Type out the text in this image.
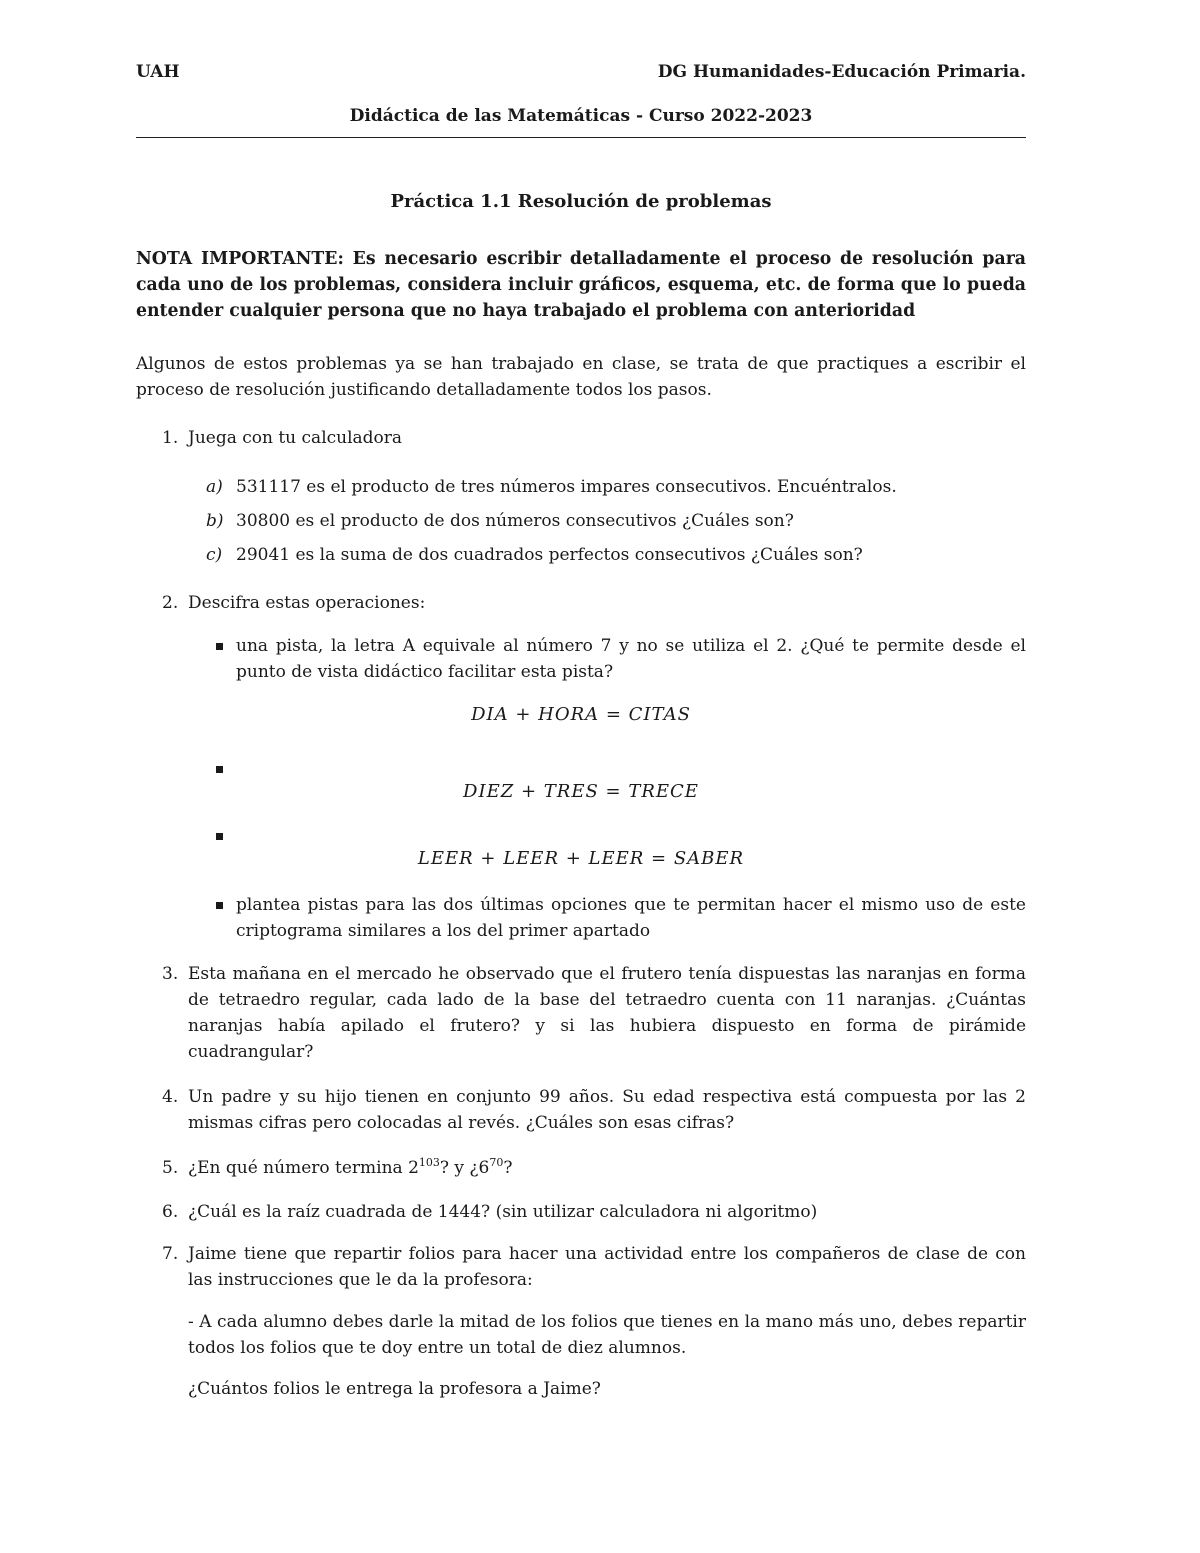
UAH	DG Humanidades-Educación Primaria.
Didáctica de las Matemáticas - Curso 2022-2023
Práctica 1.1 Resolución de problemas
NOTA IMPORTANTE: Es necesario escribir detalladamente el proceso de resolución para cada uno de los problemas, considera incluir gráficos, esquema, etc. de forma que lo pueda entender cualquier persona que no haya trabajado el problema con anterioridad
Algunos de estos problemas ya se han trabajado en clase, se trata de que practiques a escribir el proceso de resolución justificando detalladamente todos los pasos.
1. Juega con tu calculadora
a) 531117 es el producto de tres números impares consecutivos. Encuéntralos.
b) 30800 es el producto de dos números consecutivos ¿Cuáles son?
c) 29041 es la suma de dos cuadrados perfectos consecutivos ¿Cuáles son?
2. Descifra estas operaciones:
una pista, la letra A equivale al número 7 y no se utiliza el 2. ¿Qué te permite desde el punto de vista didáctico facilitar esta pista?
DIA + HORA = CITAS
DIEZ + TRES = TRECE
LEER + LEER + LEER = SABER
plantea pistas para las dos últimas opciones que te permitan hacer el mismo uso de este criptograma similares a los del primer apartado
3. Esta mañana en el mercado he observado que el frutero tenía dispuestas las naranjas en forma de tetraedro regular, cada lado de la base del tetraedro cuenta con 11 naranjas. ¿Cuántas naranjas había apilado el frutero? y si las hubiera dispuesto en forma de pirámide cuadrangular?
4. Un padre y su hijo tienen en conjunto 99 años. Su edad respectiva está compuesta por las 2 mismas cifras pero colocadas al revés. ¿Cuáles son esas cifras?
5. ¿En qué número termina $2^{103}$? y ¿$6^{70}$?
6. ¿Cuál es la raíz cuadrada de 1444? (sin utilizar calculadora ni algoritmo)
7. Jaime tiene que repartir folios para hacer una actividad entre los compañeros de clase de con las instrucciones que le da la profesora:
- A cada alumno debes darle la mitad de los folios que tienes en la mano más uno, debes repartir todos los folios que te doy entre un total de diez alumnos.
¿Cuántos folios le entrega la profesora a Jaime?
